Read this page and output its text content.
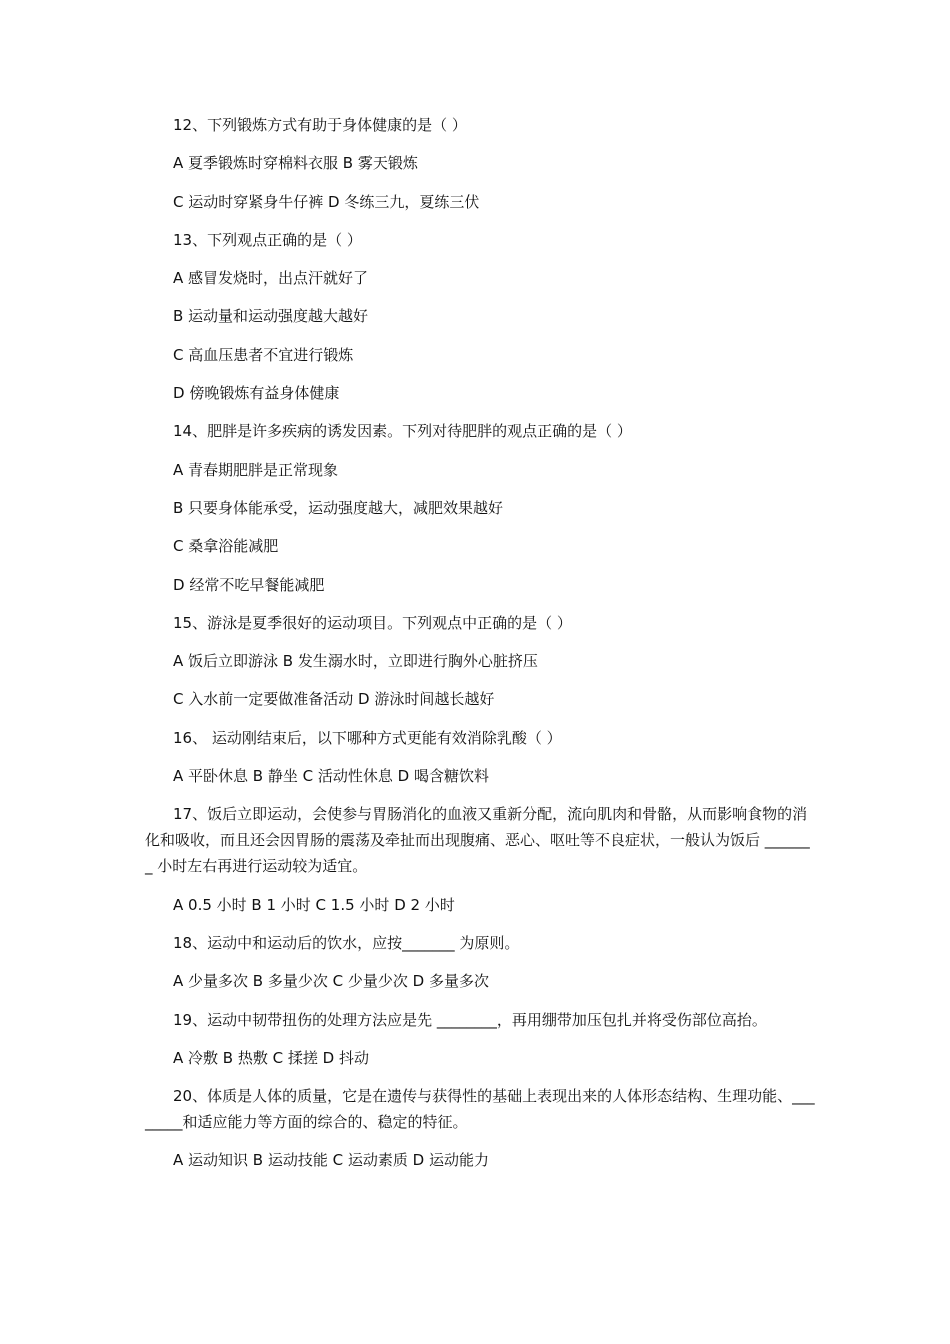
12、下列锻炼方式有助于身体健康的是（ ）
A 夏季锻炼时穿棉料衣服 B 雾天锻炼
C 运动时穿紧身牛仔裤 D 冬练三九，夏练三伏
13、下列观点正确的是（ ）
A 感冒发烧时，出点汗就好了
B 运动量和运动强度越大越好
C 高血压患者不宜进行锻炼
D 傍晚锻炼有益身体健康
14、肥胖是许多疾病的诱发因素。下列对待肥胖的观点正确的是（ ）
A 青春期肥胖是正常现象
B 只要身体能承受，运动强度越大，减肥效果越好
C 桑拿浴能减肥
D 经常不吃早餐能减肥
15、游泳是夏季很好的运动项目。下列观点中正确的是（ ）
A 饭后立即游泳 B 发生溺水时，立即进行胸外心脏挤压
C 入水前一定要做准备活动 D 游泳时间越长越好
16、 运动刚结束后，以下哪种方式更能有效消除乳酸（ ）
A 平卧休息 B 静坐 C 活动性休息 D 喝含糖饮料
17、饭后立即运动，会使参与胃肠消化的血液又重新分配，流向肌肉和骨骼，从而影响食物的消化和吸收，而且还会因胃肠的震荡及牵扯而出现腹痛、恶心、呕吐等不良症状，一般认为饭后 _______ 小时左右再进行运动较为适宜。
A 0.5 小时 B 1 小时 C 1.5 小时 D 2 小时
18、运动中和运动后的饮水，应按_______ 为原则。
A 少量多次 B 多量少次 C 少量少次 D 多量多次
19、运动中韧带扭伤的处理方法应是先 ________，再用绷带加压包扎并将受伤部位高抬。
A 冷敷 B 热敷 C 揉搓 D 抖动
20、体质是人体的质量，它是在遗传与获得性的基础上表现出来的人体形态结构、生理功能、________和适应能力等方面的综合的、稳定的特征。
A 运动知识 B 运动技能 C 运动素质 D 运动能力
